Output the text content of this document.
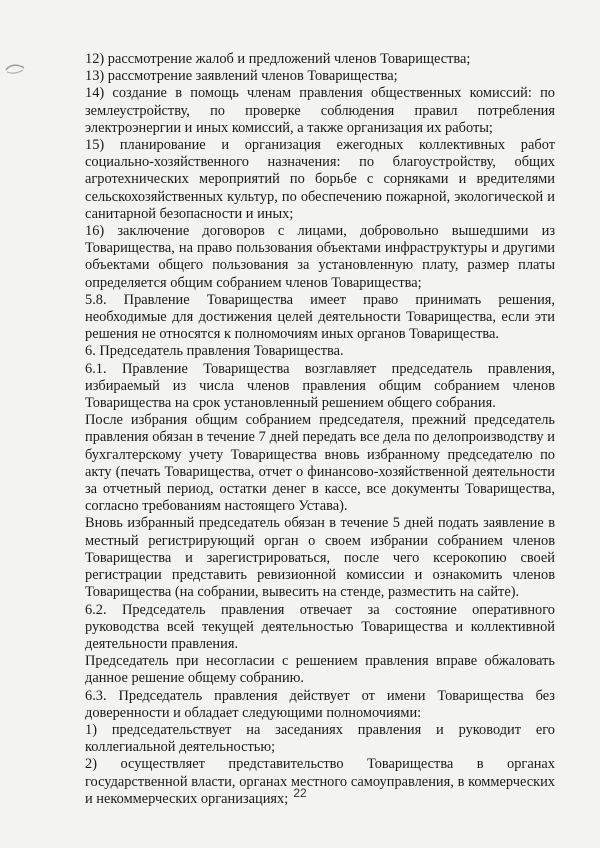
12) рассмотрение жалоб и предложений членов Товарищества;

13) рассмотрение заявлений членов Товарищества;

14) создание в помощь членам правления общественных комиссий: по землеустройству, по проверке соблюдения правил потребления электроэнергии и иных комиссий, а также организация их работы;

15) планирование и организация ежегодных коллективных работ социально-хозяйственного назначения: по благоустройству, общих агротехнических мероприятий по борьбе с сорняками и вредителями сельскохозяйственных культур, по обеспечению пожарной, экологической и санитарной безопасности и иных;

16) заключение договоров с лицами, добровольно вышедшими из Товарищества, на право пользования объектами инфраструктуры и другими объектами общего пользования за установленную плату, размер платы определяется общим собранием членов Товарищества;

5.8. Правление Товарищества имеет право принимать решения, необходимые для достижения целей деятельности Товарищества, если эти решения не относятся к полномочиям иных органов Товарищества.

6. Председатель правления Товарищества.

6.1. Правление Товарищества возглавляет председатель правления, избираемый из числа членов правления общим собранием членов Товарищества на срок установленный решением общего собрания.

После избрания общим собранием председателя, прежний председатель правления обязан в течение 7 дней передать все дела по делопроизводству и бухгалтерскому учету Товарищества вновь избранному председателю по акту (печать Товарищества, отчет о финансово-хозяйственной деятельности за отчетный период, остатки денег в кассе, все документы Товарищества, согласно требованиям настоящего Устава).

Вновь избранный председатель обязан в течение 5 дней подать заявление в местный регистрирующий орган о своем избрании собранием членов Товарищества и зарегистрироваться, после чего ксерокопию своей регистрации представить ревизионной комиссии и ознакомить членов Товарищества (на собрании, вывесить на стенде, разместить на сайте).

6.2. Председатель правления отвечает за состояние оперативного руководства всей текущей деятельностью Товарищества и коллективной деятельности правления.

Председатель при несогласии с решением правления вправе обжаловать данное решение общему собранию.

6.3. Председатель правления действует от имени Товарищества без доверенности и обладает следующими полномочиями:

1) председательствует на заседаниях правления и руководит его коллегиальной деятельностью;

2) осуществляет представительство Товарищества в органах государственной власти, органах местного самоуправления, в коммерческих и некоммерческих организациях; 22
